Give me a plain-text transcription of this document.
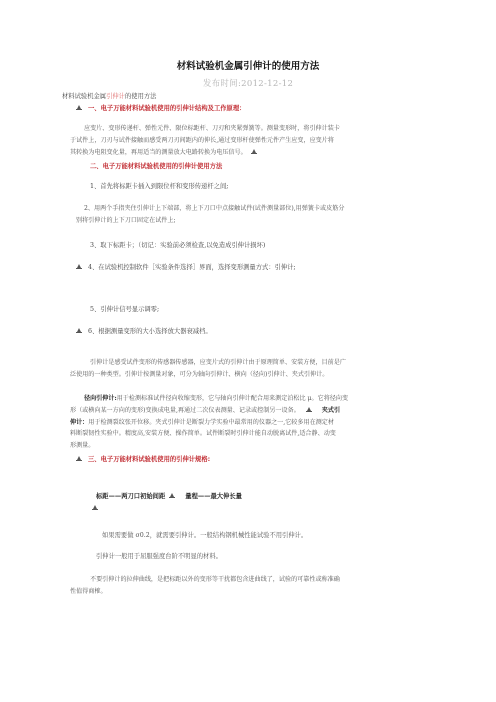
材料试验机金属引伸计的使用方法
发布时间:2012-12-12
材料试验机金属引伸计的使用方法
一、电子万能材料试验机使用的引伸计结构及工作原理：
应变片、变形传递杆、弹性元件、限位标距杆、刀刃和夹紧弹簧等。测量变形时，将引伸计装卡
于试件上，刀刃与试件接触而感受两刀刃间距内的伸长,通过变形杆使弹性元件产生应变，应变片将
其转换为电阻变化量，再用适当的测量放大电路转换为电压信号。
二、电子万能材料试验机使用的引伸计使用方法
1、首先将标距卡插入到限位杆和变形传递杆之间;
2、用两个手指夹住引伸计上下端部，将上下刀口中点接触试件(试件测量部位),用弹簧卡或皮筋分
别将引伸计的上下刀口固定在试件上;
3、取下标距卡；（切记：实验前必须检查,以免造成引伸计损坏)
4、在试验机控制软件［实验条件选择］界面，选择变形测量方式：引伸计;
5、引伸计信号显示调零;
6、根据测量变形的大小选择放大器衰减档。
引伸计是感受试件变形的传感器传感器，应变片式的引伸计由于原理简单、安装方便，目前是广
泛使用的一种类型。引伸计按测量对象，可分为轴向引伸计、横向（径向)引伸计、夹式引伸计。
径向引伸计:用于检测标准试件径向收缩变形，它与轴向引伸计配合用来测定泊松比 μ。它将径向变
形（或横向某一方向的变形)变换成电量,再通过二次仪表测量、记录或控制另一设备。	夹式引
伸计：用于检测裂纹张开位移。夹式引伸计是断裂力学实验中最常用的仪器之一,它较多用在测定材
料断裂韧性实验中。精度高,安装方便、操作简单。试件断裂时引伸计能自动脱离试件,适合静、动变
形测量。
三、电子万能材料试验机使用的引伸计规格:
标距——两刀口初始间距	量程——最大伸长量
如果需要做 σ0.2，就需要引伸计。一般结构钢机械性能试验不用引伸计。
引伸计一般用于屈服强度台阶不明显的材料。
不要引伸计的拉伸曲线，是把标距以外的变形等干扰都包含进曲线了，试验的可靠性或称准确
性值得商榷。
